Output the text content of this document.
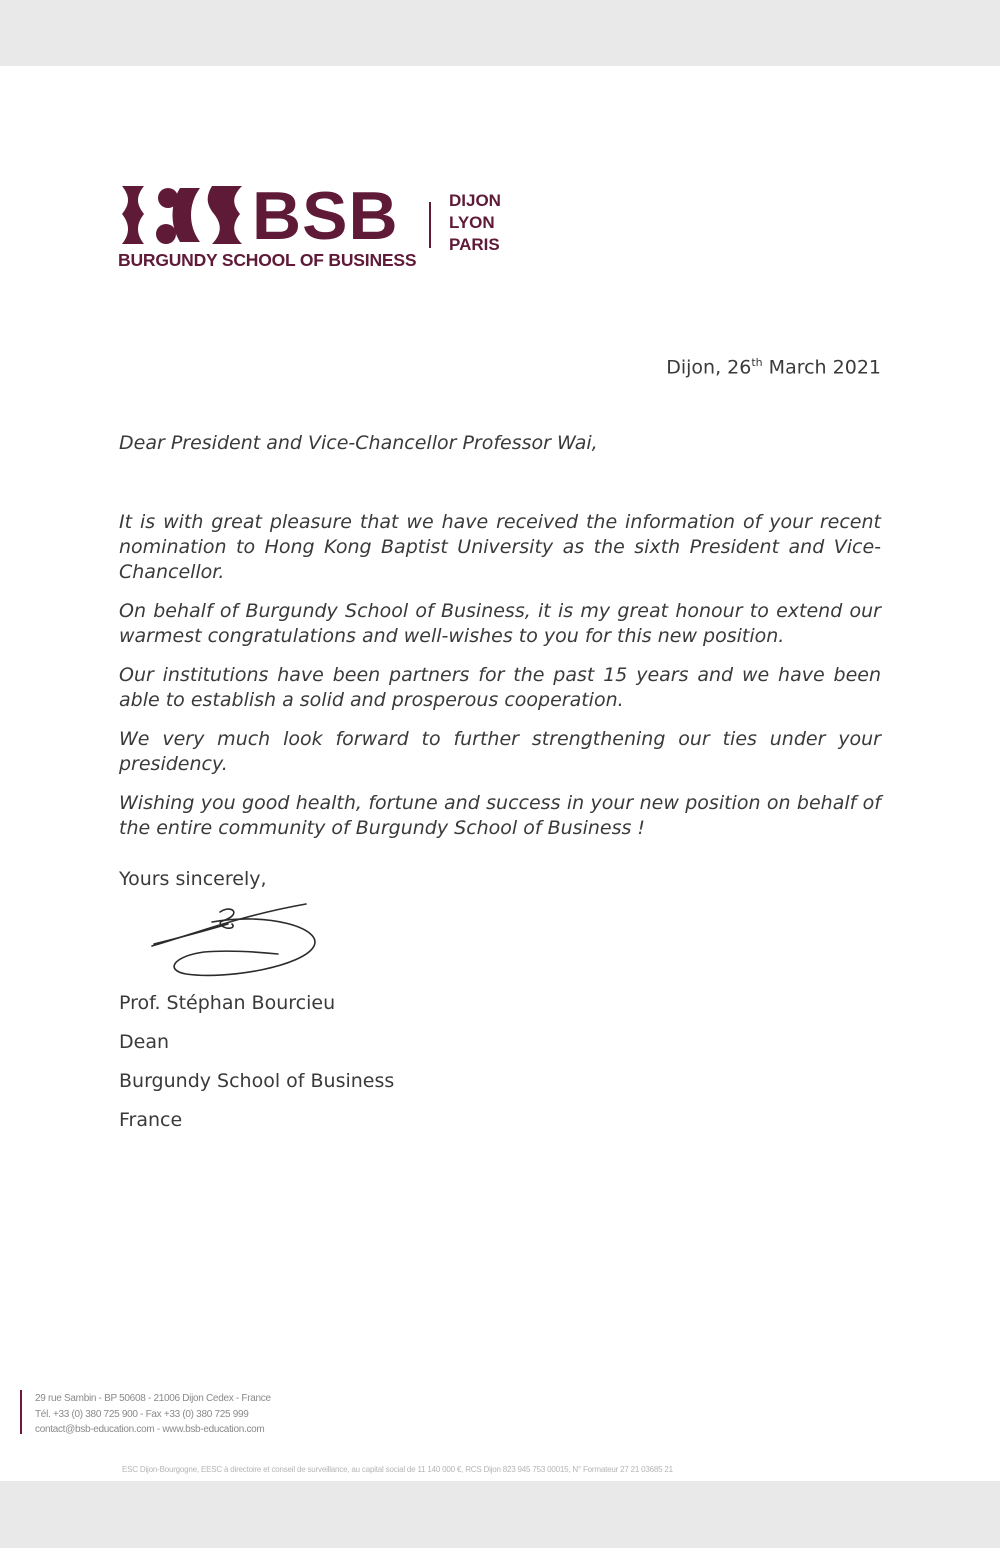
BSB
BURGUNDY SCHOOL OF BUSINESS
DIJON
LYON
PARIS
Dijon, 26th March 2021
Dear President and Vice-Chancellor Professor Wai,

It is with great pleasure that we have received the information of your recent nomination to Hong Kong Baptist University as the sixth President and Vice-Chancellor.

On behalf of Burgundy School of Business, it is my great honour to extend our warmest congratulations and well-wishes to you for this new position.

Our institutions have been partners for the past 15 years and we have been able to establish a solid and prosperous cooperation.

We very much look forward to further strengthening our ties under your presidency.

Wishing you good health, fortune and success in your new position on behalf of the entire community of Burgundy School of Business !

Yours sincerely,
Prof. Stéphan Bourcieu
Dean
Burgundy School of Business
France
29 rue Sambin - BP 50608 - 21006 Dijon Cedex - France
Tél. +33 (0) 380 725 900 - Fax +33 (0) 380 725 999
contact@bsb-education.com - www.bsb-education.com
ESC Dijon-Bourgogne, EESC à directoire et conseil de surveillance, au capital social de 11 140 000 €, RCS Dijon 823 945 753 00015, N° Formateur 27 21 03685 21
